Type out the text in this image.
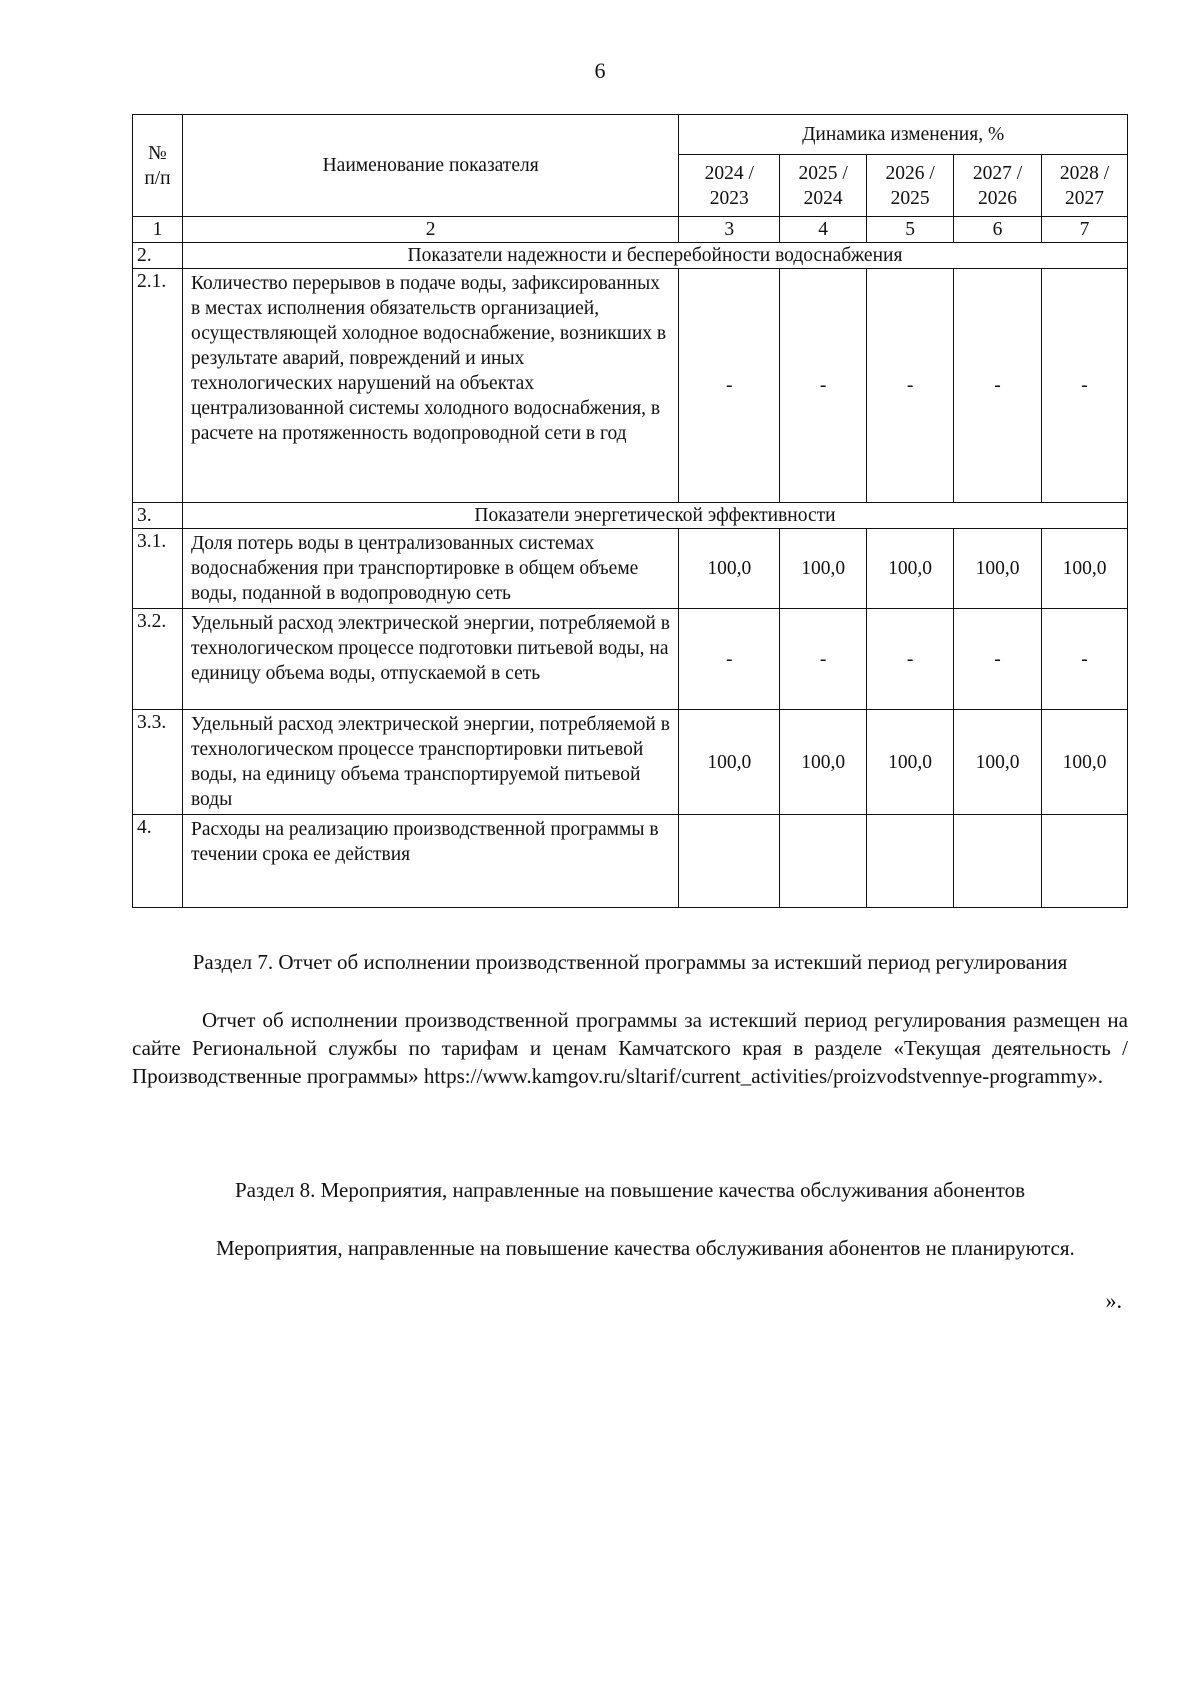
6
№ п/п	Наименование показателя	Динамика изменения, %				
		2024 / 2023	2025 / 2024	2026 / 2025	2027 / 2026	2028 / 2027
1	2	3	4	5	6	7
2.	Показатели надежности и бесперебойности водоснабжения					
2.1.	Количество перерывов в подаче воды, зафиксированных в местах исполнения обязательств организацией, осуществляющей холодное водоснабжение, возникших в результате аварий, повреждений и иных технологических нарушений на объектах централизованной системы холодного водоснабжения, в расчете на протяженность водопроводной сети в год	-	-	-	-	-
3.	Показатели энергетической эффективности					
3.1.	Доля потерь воды в централизованных системах водоснабжения при транспортировке в общем объеме воды, поданной в водопроводную сеть	100,0	100,0	100,0	100,0	100,0
3.2.	Удельный расход электрической энергии, потребляемой в технологическом процессе подготовки питьевой воды, на единицу объема воды, отпускаемой в сеть	-	-	-	-	-
3.3.	Удельный расход электрической энергии, потребляемой в технологическом процессе транспортировки питьевой воды, на единицу объема транспортируемой питьевой воды	100,0	100,0	100,0	100,0	100,0
4.	Расходы на реализацию производственной программы в течении срока ее действия					
Раздел 7. Отчет об исполнении производственной программы за истекший период регулирования
Отчет об исполнении производственной программы за истекший период регулирования размещен на сайте Региональной службы по тарифам и ценам Камчатского края в разделе «Текущая деятельность / Производственные программы» https://www.kamgov.ru/sltarif/current_activities/proizvodstvennye-programmy».
Раздел 8. Мероприятия, направленные на повышение качества обслуживания абонентов
Мероприятия, направленные на повышение качества обслуживания абонентов не планируются.
».
